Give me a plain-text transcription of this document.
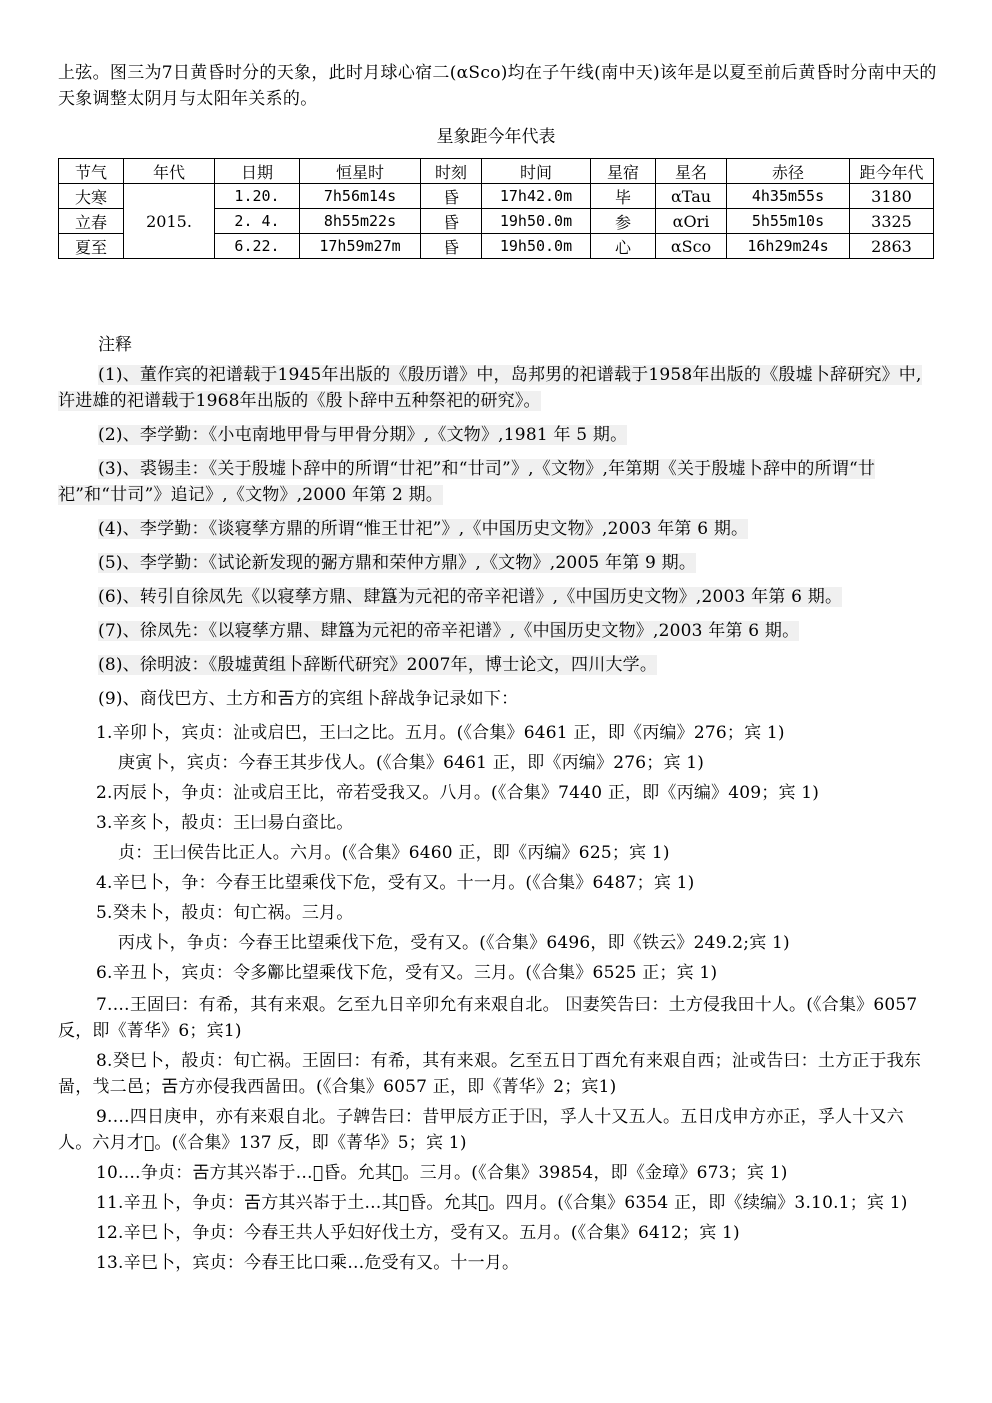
上弦。图三为7日黄昏时分的天象，此时月球心宿二(αSco)均在子午线(南中天)该年是以夏至前后黄昏时分南中天的天象调整太阴月与太阳年关系的。
星象距今年代表
节气	年代	日期	恒星时	时刻	时间	星宿	星名	赤径	距今年代
大寒	2015.	1.20.	7h56m14s	昏	17h42.0m	毕	αTau	4h35m55s	3180
立春		2. 4.	8h55m22s	昏	19h50.0m	参	αOri	5h55m10s	3325
夏至		6.22.	17h59m27m	昏	19h50.0m	心	αSco	16h29m24s	2863
注释

(1)、董作宾的祀谱载于1945年出版的《殷历谱》中，岛邦男的祀谱载于1958年出版的《殷墟卜辞研究》中,许进雄的祀谱载于1968年出版的《殷卜辞中五种祭祀的研究》。

(2)、李学勤：《小屯南地甲骨与甲骨分期》,《文物》,1981 年 5 期。

(3)、裘锡圭：《关于殷墟卜辞中的所谓“廿祀”和“廿司”》,《文物》,年第期《关于殷墟卜辞中的所谓“廿祀”和“廿司”》追记》,《文物》,2000 年第 2 期。

(4)、李学勤：《谈寝孳方鼎的所谓“惟王廿祀”》,《中国历史文物》,2003 年第 6 期。

(5)、李学勤：《试论新发现的䰜方鼎和荣仲方鼎》,《文物》,2005 年第 9 期。

(6)、转引自徐凤先《以寝孳方鼎、肆簋为元祀的帝辛祀谱》,《中国历史文物》,2003 年第 6 期。

(7)、徐凤先：《以寝孳方鼎、肆簋为元祀的帝辛祀谱》,《中国历史文物》,2003 年第 6 期。

(8)、徐明波：《殷墟黄组卜辞断代研究》2007年，博士论文，四川大学。

(9)、商伐巴方、土方和𢀛方的宾组卜辞战争记录如下：

1.辛卯卜，宾贞：沚戓启巴，王𠙵之比。五月。(《合集》6461 正，即《丙编》276；宾 1)
庚寅卜，宾贞：今春王其步伐人。(《合集》6461 正，即《丙编》276；宾 1)
2.丙辰卜，争贞：沚戓启王比，帝若受我又。八月。(《合集》7440 正，即《丙编》409；宾 1)
3.辛亥卜，㱿贞：王𠙵昜白𧊒比。
贞：王𠙵侯告比正人。六月。(《合集》6460 正，即《丙编》625；宾 1)
4.辛巳卜，争：今春王比望乘伐下危，受有又。十一月。(《合集》6487；宾 1)
5.癸未卜，㱿贞：旬亡祸。三月。
丙戌卜，争贞：今春王比望乘伐下危，受有又。(《合集》6496，即《铁云》249.2;宾 1)
6.辛丑卜，宾贞：令多𨟭比望乘伐下危，受有又。三月。(《合集》6525 正；宾 1)
7.…王固曰：有希，其有来艰。乞至九日辛卯允有来艰自北。 𡆥妻笶告曰：土方侵我田十人。(《合集》6057 反，即《菁华》6；宾1)
8.癸巳卜，㱿贞：旬亡祸。王固曰：有希，其有来艰。乞至五日丁酉允有来艰自西；沚戓告曰：土方正于我东啚，𢦏二邑；𢀛方亦侵我西啚田。(《合集》6057 正，即《菁华》2；宾1)
9.…四日庚申，亦有来艰自北。子𩏂告曰：昔甲辰方正于𡆥，孚人十又五人。五日戊申方亦正，孚人十又六人。六月才𦎫。(《合集》137 反，即《菁华》5；宾 1)
10.…争贞：𢀛方其兴𡴑于…𦎫昏。允其𦎫。三月。(《合集》39854，即《金璋》673；宾 1)
11.辛丑卜，争贞：𢀛方其兴𡴑于土…其𦎫昏。允其𦎫。四月。(《合集》6354 正，即《续编》3.10.1；宾 1)
12.辛巳卜，争贞：今春王共人乎妇好伐土方，受有又。五月。(《合集》6412；宾 1)
13.辛巳卜，宾贞：今春王比口乘…危受有又。十一月。
